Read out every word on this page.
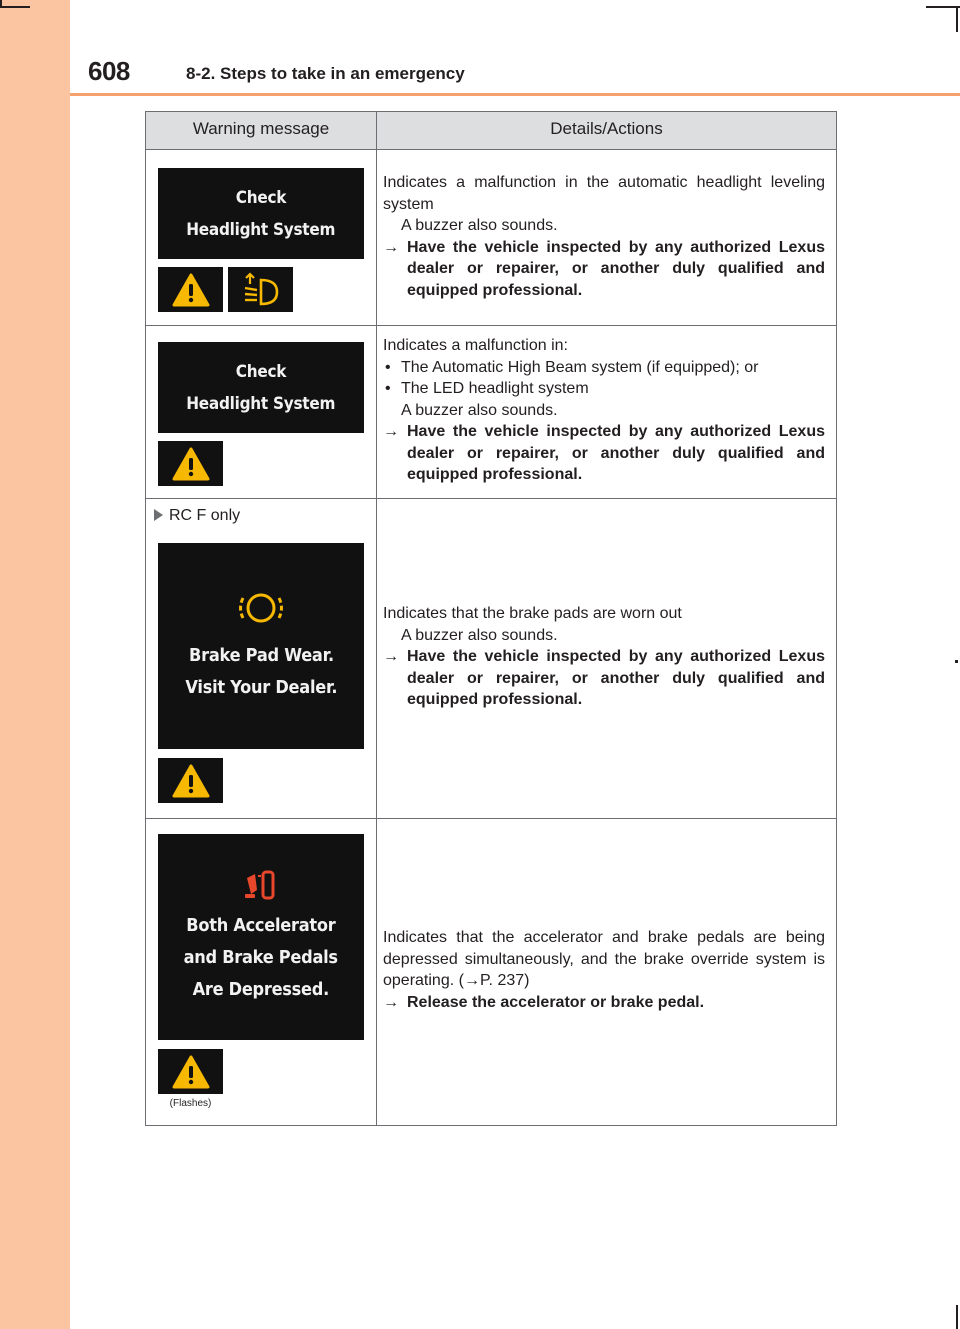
608	8-2. Steps to take in an emergency
Warning message	Details/Actions
Check
Headlight System

Indicates a malfunction in the automatic headlight leveling system

A buzzer also sounds.

→ Have the vehicle inspected by any authorized Lexus dealer or repairer, or another duly qualified and equipped professional.

Check
Headlight System

Indicates a malfunction in:

• The Automatic High Beam system (if equipped); or

• The LED headlight system

A buzzer also sounds.

→ Have the vehicle inspected by any authorized Lexus dealer or repairer, or another duly qualified and equipped professional.

RC F only
Brake Pad Wear.
Visit Your Dealer.

Indicates that the brake pads are worn out

A buzzer also sounds.

→ Have the vehicle inspected by any authorized Lexus dealer or repairer, or another duly qualified and equipped professional.

Both Accelerator
and Brake Pedals
Are Depressed.
(Flashes)

Indicates that the accelerator and brake pedals are being depressed simultaneously, and the brake override system is operating. (→P. 237)

→ Release the accelerator or brake pedal.
